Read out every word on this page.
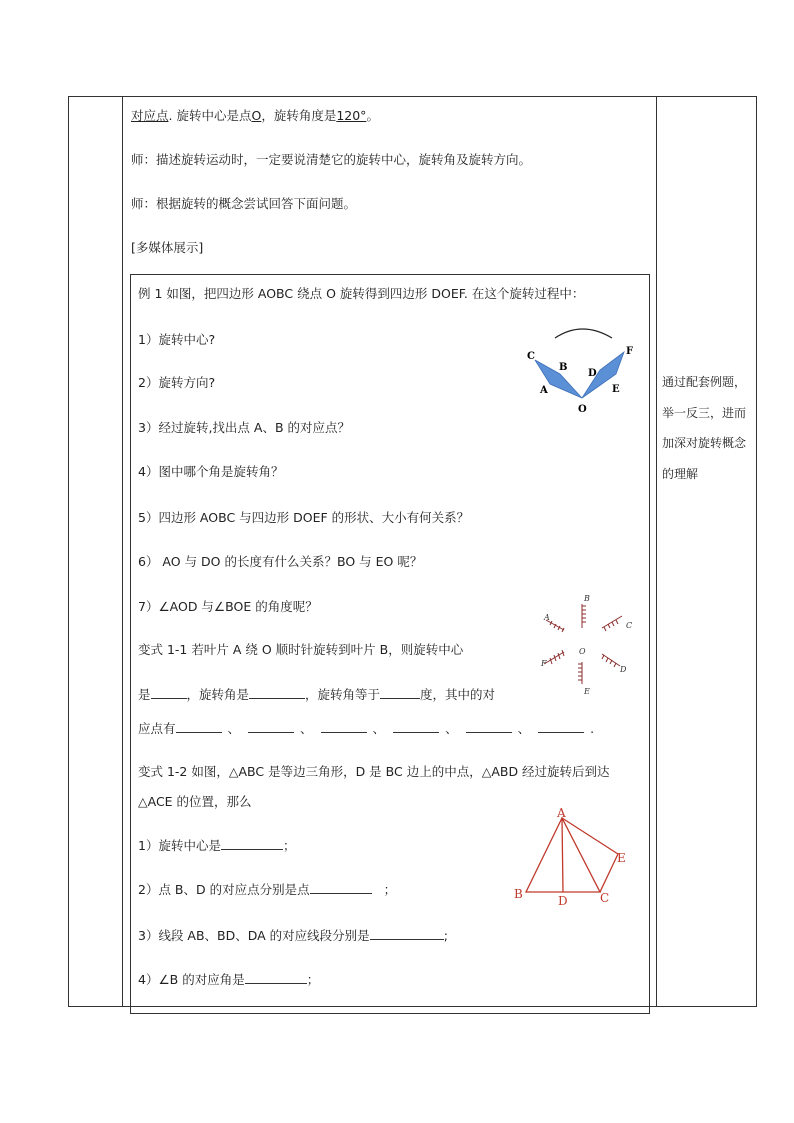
对应点. 旋转中心是点O，旋转角度是120°。
师：描述旋转运动时，一定要说清楚它的旋转中心，旋转角及旋转方向。
师：根据旋转的概念尝试回答下面问题。
[多媒体展示]
例 1 如图，把四边形 AOBC 绕点 O 旋转得到四边形 DOEF. 在这个旋转过程中：
1）旋转中心?
2）旋转方向?
3）经过旋转,找出点 A、B 的对应点？
4）图中哪个角是旋转角？
5）四边形 AOBC 与四边形 DOEF 的形状、大小有何关系？
6） AO 与 DO 的长度有什么关系？BO 与 EO 呢？
7）∠AOD 与∠BOE 的角度呢？
C
B
A
D
F
E
O
变式 1-1 若叶片 A 绕 O 顺时针旋转到叶片 B，则旋转中心
是	，旋转角是	，旋转角等于	度，其中的对
应点有	、	、	、	、	、	.
B
C
D
E
F
A
O
变式 1-2 如图，△ABC 是等边三角形，D 是 BC 边上的中点，△ABD 经过旋转后到达
△ACE 的位置，那么
1）旋转中心是	；
2）点 B、D 的对应点分别是点	；
3）线段 AB、BD、DA 的对应线段分别是	;
4）∠B 的对应角是	；
A
B	C
D
E
通过配套例题，
举一反三，进而
加深对旋转概念
的理解
